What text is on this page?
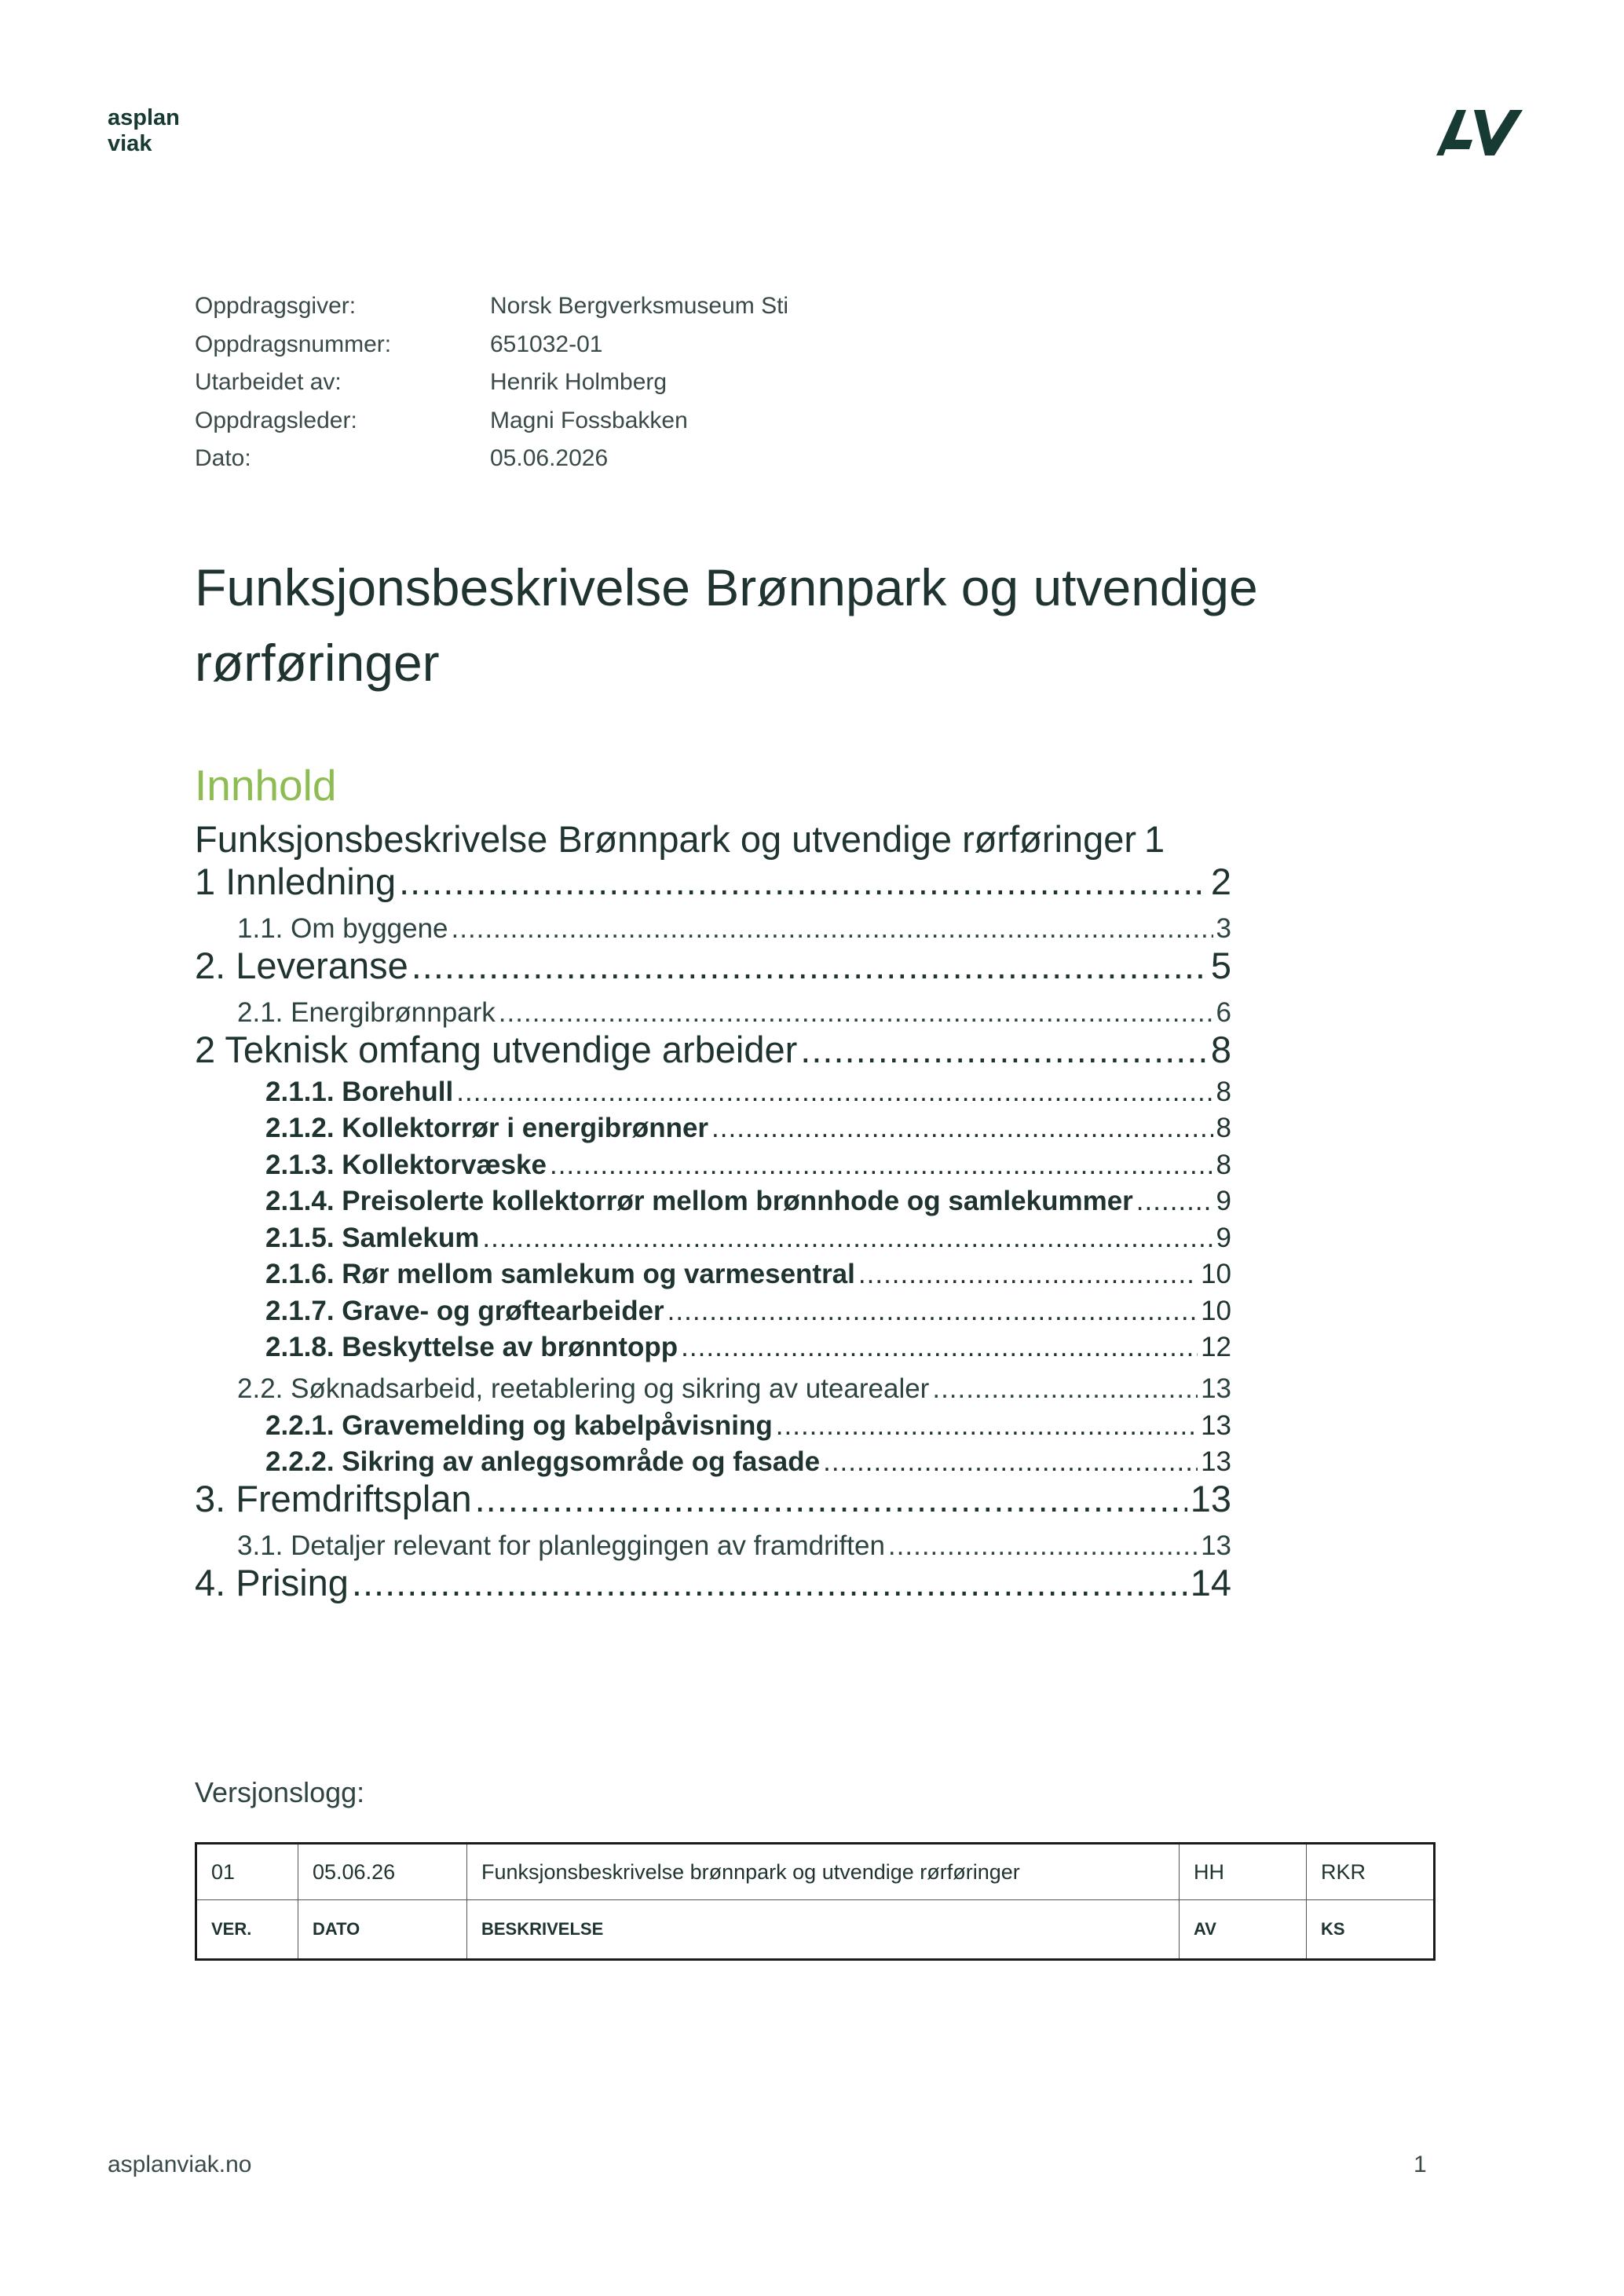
asplan
viak
Oppdragsgiver:	Norsk Bergverksmuseum Sti
Oppdragsnummer:	651032-01
Utarbeidet av:	Henrik Holmberg
Oppdragsleder:	Magni Fossbakken
Dato:	05.06.2026
Funksjonsbeskrivelse Brønnpark og utvendige
rørføringer
Innhold
Funksjonsbeskrivelse Brønnpark og utvendige rørføringer 1
1 Innledning .....	2
1.1. Om byggene .....	3
2. Leveranse .....	5
2.1. Energibrønnpark .....	6
2 Teknisk omfang utvendige arbeider .....	8
2.1.1. Borehull .....	8
2.1.2. Kollektorrør i energibrønner .....	8
2.1.3. Kollektorvæske .....	8
2.1.4. Preisolerte kollektorrør mellom brønnhode og samlekummer .....	9
2.1.5. Samlekum .....	9
2.1.6. Rør mellom samlekum og varmesentral .....	10
2.1.7. Grave- og grøftearbeider .....	10
2.1.8. Beskyttelse av brønntopp .....	12
2.2. Søknadsarbeid, reetablering og sikring av utearealer .....	13
2.2.1. Gravemelding og kabelpåvisning .....	13
2.2.2. Sikring av anleggsområde og fasade .....	13
3. Fremdriftsplan .....	13
3.1. Detaljer relevant for planleggingen av framdriften .....	13
4. Prising .....	14
Versjonslogg:
01	05.06.26	Funksjonsbeskrivelse brønnpark og utvendige rørføringer	HH	RKR
VER.	DATO	BESKRIVELSE	AV	KS
asplanviak.no	1
